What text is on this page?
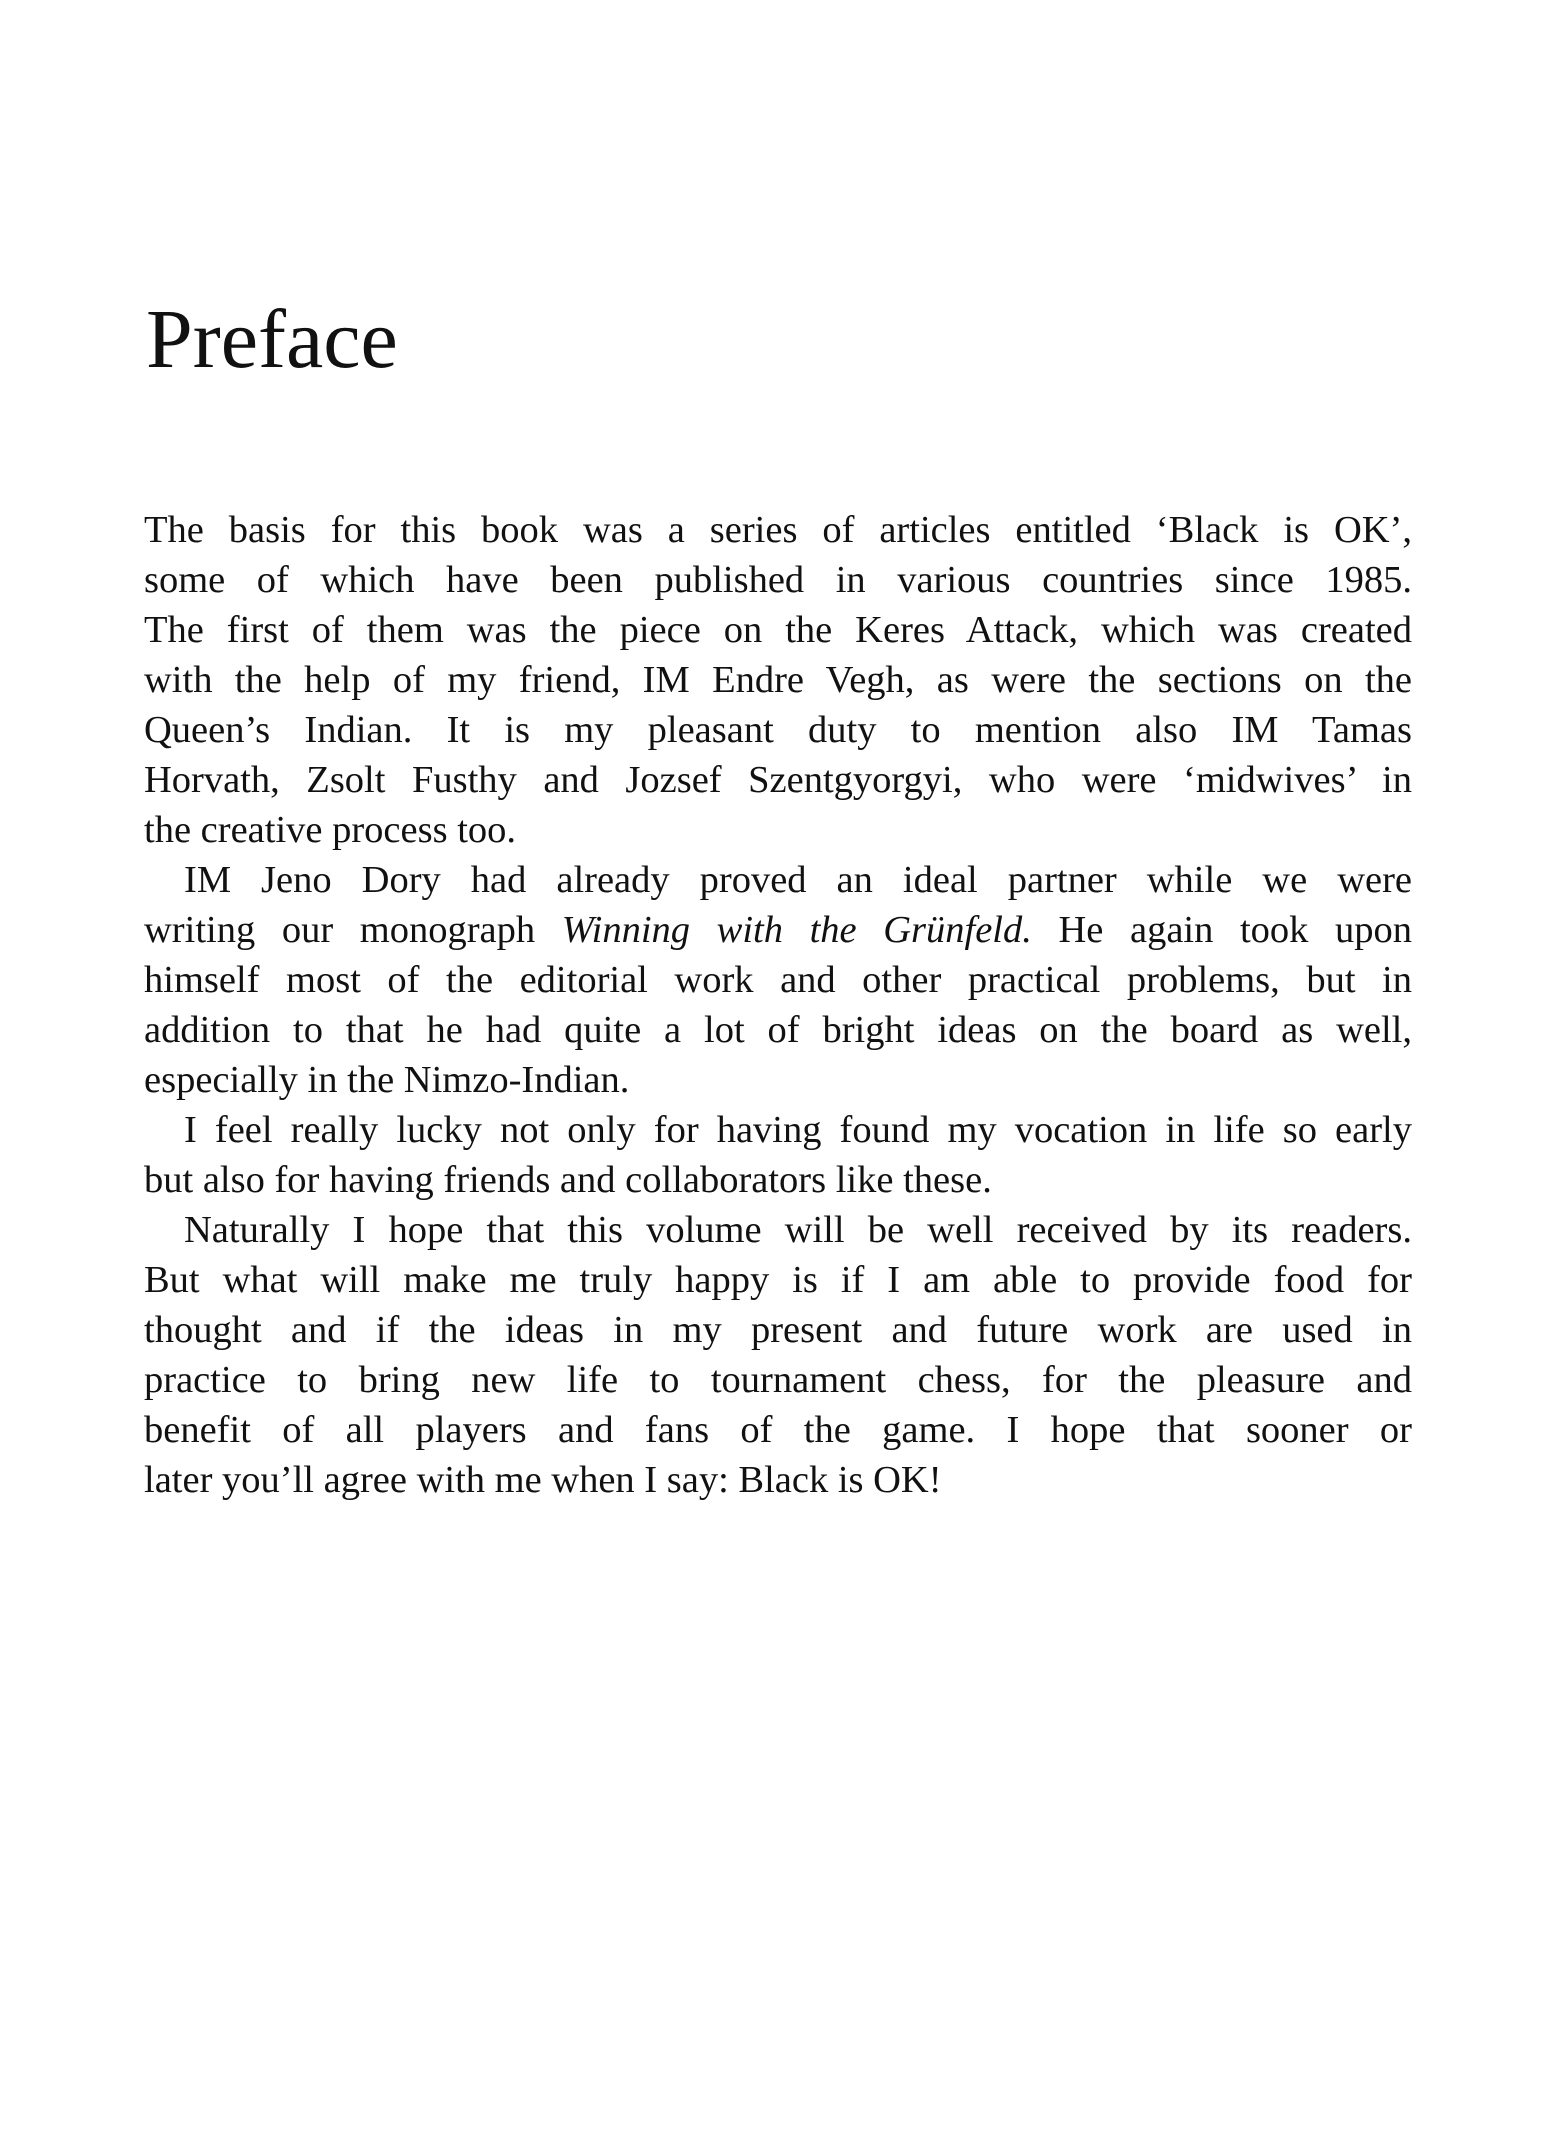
Preface

The basis for this book was a series of articles entitled ‘Black is OK’,
some of which have been published in various countries since 1985.
The first of them was the piece on the Keres Attack, which was created
with the help of my friend, IM Endre Vegh, as were the sections on the
Queen’s Indian. It is my pleasant duty to mention also IM Tamas
Horvath, Zsolt Fusthy and Jozsef Szentgyorgyi, who were ‘midwives’ in
the creative process too.

IM Jeno Dory had already proved an ideal partner while we were
writing our monograph Winning with the Grünfeld. He again took upon
himself most of the editorial work and other practical problems, but in
addition to that he had quite a lot of bright ideas on the board as well,
especially in the Nimzo-Indian.

I feel really lucky not only for having found my vocation in life so early
but also for having friends and collaborators like these.

Naturally I hope that this volume will be well received by its readers.
But what will make me truly happy is if I am able to provide food for
thought and if the ideas in my present and future work are used in
practice to bring new life to tournament chess, for the pleasure and
benefit of all players and fans of the game. I hope that sooner or
later you’ll agree with me when I say: Black is OK!
